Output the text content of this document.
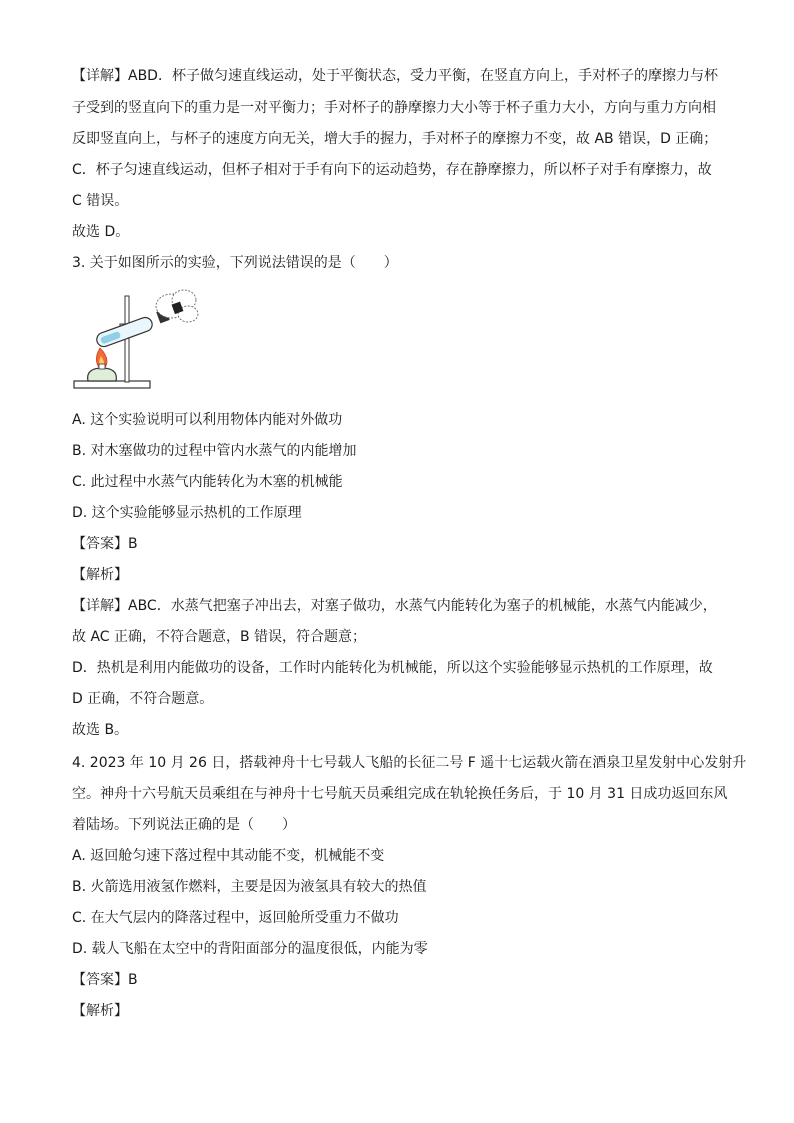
【详解】ABD．杯子做匀速直线运动，处于平衡状态，受力平衡，在竖直方向上，手对杯子的摩擦力与杯
子受到的竖直向下的重力是一对平衡力；手对杯子的静摩擦力大小等于杯子重力大小，方向与重力方向相
反即竖直向上，与杯子的速度方向无关，增大手的握力，手对杯子的摩擦力不变，故 AB 错误，D 正确；
C．杯子匀速直线运动，但杯子相对于手有向下的运动趋势，存在静摩擦力，所以杯子对手有摩擦力，故
C 错误。
故选 D。
3. 关于如图所示的实验，下列说法错误的是（　　）
A. 这个实验说明可以利用物体内能对外做功
B. 对木塞做功的过程中管内水蒸气的内能增加
C. 此过程中水蒸气内能转化为木塞的机械能
D. 这个实验能够显示热机的工作原理
【答案】B
【解析】
【详解】ABC．水蒸气把塞子冲出去，对塞子做功，水蒸气内能转化为塞子的机械能，水蒸气内能减少，
故 AC 正确，不符合题意，B 错误，符合题意；
D．热机是利用内能做功的设备，工作时内能转化为机械能，所以这个实验能够显示热机的工作原理，故
D 正确，不符合题意。
故选 B。
4. 2023 年 10 月 26 日，搭载神舟十七号载人飞船的长征二号 F 遥十七运载火箭在酒泉卫星发射中心发射升
空。神舟十六号航天员乘组在与神舟十七号航天员乘组完成在轨轮换任务后，于 10 月 31 日成功返回东风
着陆场。下列说法正确的是（　　）
A. 返回舱匀速下落过程中其动能不变，机械能不变
B. 火箭选用液氢作燃料，主要是因为液氢具有较大的热值
C. 在大气层内的降落过程中，返回舱所受重力不做功
D. 载人飞船在太空中的背阳面部分的温度很低，内能为零
【答案】B
【解析】
